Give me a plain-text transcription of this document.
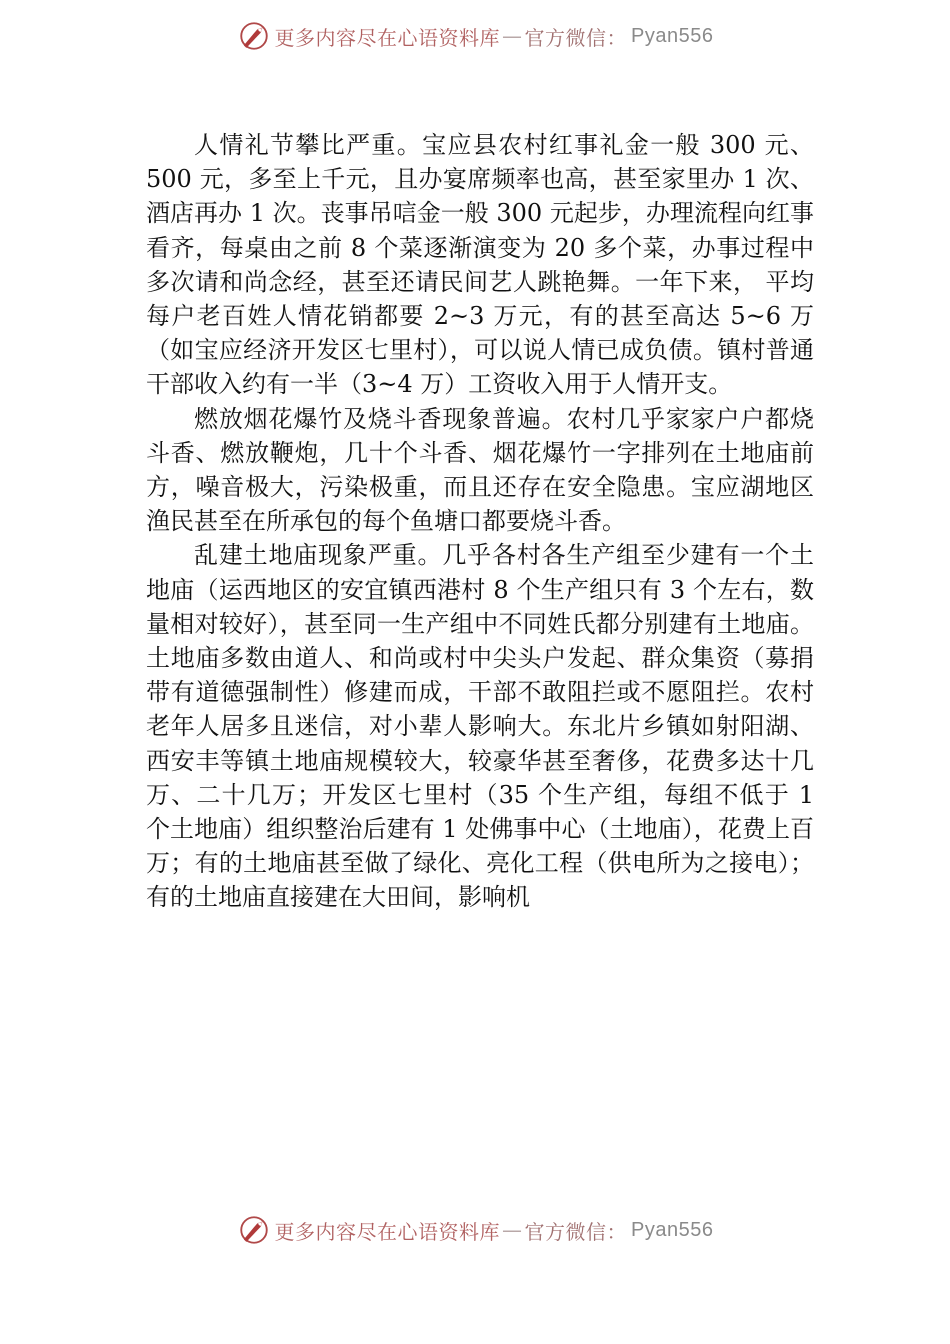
更多内容尽在心语资料库 — 官方微信： Pyan556

人情礼节攀比严重。宝应县农村红事礼金一般 300 元、500 元，多至上千元，且办宴席频率也高，甚至家里办 1 次、酒店再办 1 次。丧事吊唁金一般 300 元起步，办理流程向红事看齐，每桌由之前 8 个菜逐渐演变为 20 多个菜，办事过程中多次请和尚念经，甚至还请民间艺人跳艳舞。一年下来， 平均每户老百姓人情花销都要 2~3 万元，有的甚至高达 5~6 万（如宝应经济开发区七里村），可以说人情已成负债。镇村普通干部收入约有一半（3~4 万）工资收入用于人情开支。

燃放烟花爆竹及烧斗香现象普遍。农村几乎家家户户都烧斗香、燃放鞭炮，几十个斗香、烟花爆竹一字排列在土地庙前方，噪音极大，污染极重，而且还存在安全隐患。宝应湖地区渔民甚至在所承包的每个鱼塘口都要烧斗香。

乱建土地庙现象严重。几乎各村各生产组至少建有一个土地庙（运西地区的安宜镇西港村 8 个生产组只有 3 个左右，数量相对较好），甚至同一生产组中不同姓氏都分别建有土地庙。土地庙多数由道人、和尚或村中尖头户发起、群众集资（募捐带有道德强制性）修建而成，干部不敢阻拦或不愿阻拦。农村老年人居多且迷信，对小辈人影响大。东北片乡镇如射阳湖、西安丰等镇土地庙规模较大，较豪华甚至奢侈，花费多达十几万、二十几万；开发区七里村（35 个生产组，每组不低于 1 个土地庙）组织整治后建有 1 处佛事中心（土地庙），花费上百万；有的土地庙甚至做了绿化、亮化工程（供电所为之接电）；有的土地庙直接建在大田间，影响机

更多内容尽在心语资料库 — 官方微信： Pyan556
